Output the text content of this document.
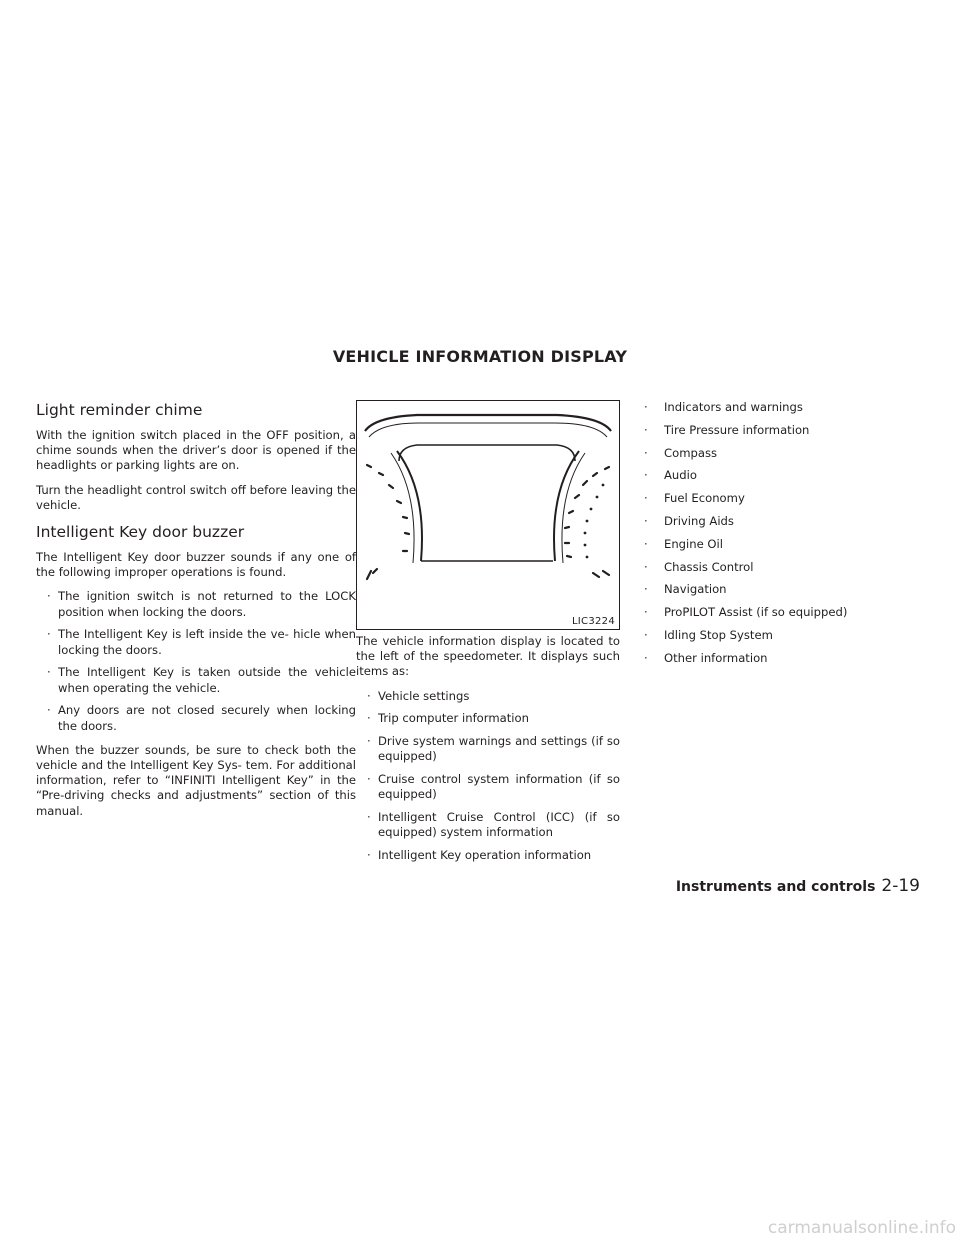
VEHICLE INFORMATION DISPLAY
Light reminder chime

With the ignition switch placed in the OFF position, a chime sounds when the driver’s door is opened if the headlights or parking lights are on.

Turn the headlight control switch off before leaving the vehicle.

Intelligent Key door buzzer

The Intelligent Key door buzzer sounds if any one of the following improper operations is found.

· The ignition switch is not returned to the LOCK position when locking the doors.
· The Intelligent Key is left inside the ve- hicle when locking the doors.
· The Intelligent Key is taken outside the vehicle when operating the vehicle.
· Any doors are not closed securely when locking the doors.

When the buzzer sounds, be sure to check both the vehicle and the Intelligent Key Sys- tem. For additional information, refer to “INFINITI Intelligent Key” in the “Pre-driving checks and adjustments” section of this manual.

LIC3224

The vehicle information display is located to the left of the speedometer. It displays such items as:

· Vehicle settings
· Trip computer information
· Drive system warnings and settings (if so equipped)
· Cruise control system information (if so equipped)
· Intelligent Cruise Control (ICC) (if so equipped) system information
· Intelligent Key operation information
· Indicators and warnings
· Tire Pressure information
· Compass
· Audio
· Fuel Economy
· Driving Aids
· Engine Oil
· Chassis Control
· Navigation
· ProPILOT Assist (if so equipped)
· Idling Stop System
· Other information
Instruments and controls 2-19
carmanualsonline.info
